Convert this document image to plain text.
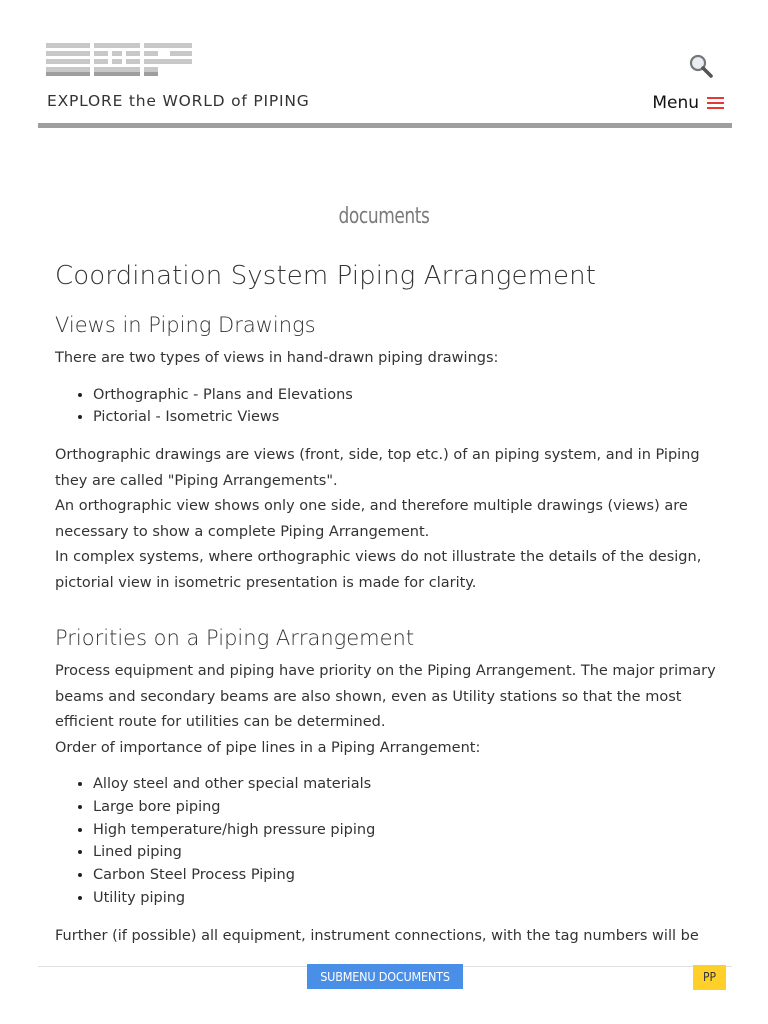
EXPLORE the WORLD of PIPING	Menu
documents
Coordination System Piping Arrangement
Views in Piping Drawings

There are two types of views in hand-drawn piping drawings:

• Orthographic - Plans and Elevations
• Pictorial - Isometric Views

Orthographic drawings are views (front, side, top etc.) of an piping system, and in Piping they are called "Piping Arrangements".
An orthographic view shows only one side, and therefore multiple drawings (views) are necessary to show a complete Piping Arrangement.
In complex systems, where orthographic views do not illustrate the details of the design, pictorial view in isometric presentation is made for clarity.

Priorities on a Piping Arrangement

Process equipment and piping have priority on the Piping Arrangement. The major primary beams and secondary beams are also shown, even as Utility stations so that the most efficient route for utilities can be determined.
Order of importance of pipe lines in a Piping Arrangement:

• Alloy steel and other special materials
• Large bore piping
• High temperature/high pressure piping
• Lined piping
• Carbon Steel Process Piping
• Utility piping

Further (if possible) all equipment, instrument connections, with the tag numbers will be

SUBMENU DOCUMENTS	PP
